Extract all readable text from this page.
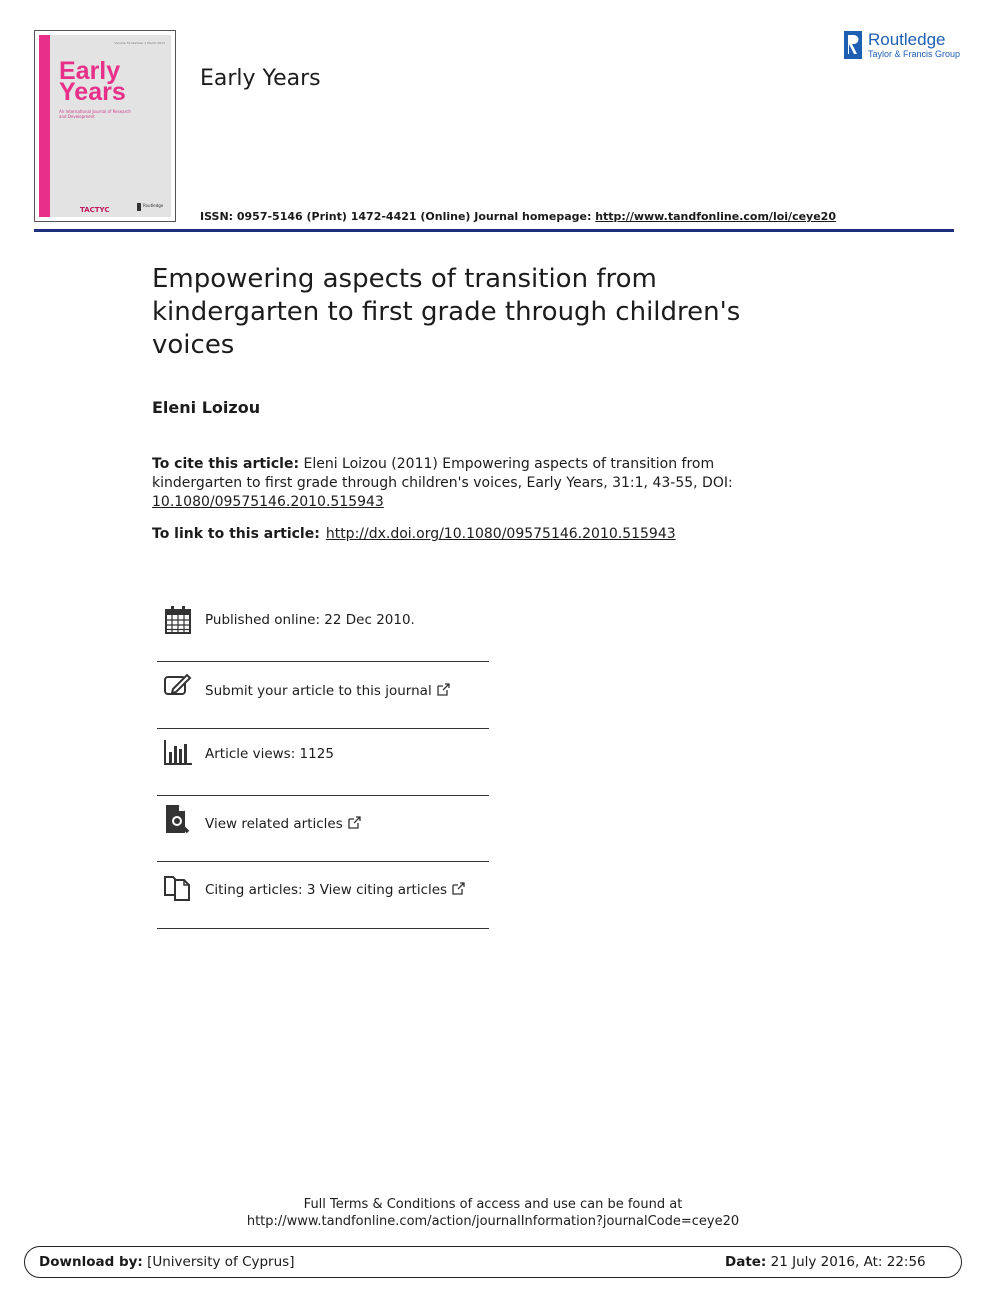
Volume 31 Number 1 March 2011
Early Years
An International Journal of Research and Development
TACTYC
Routledge
Early Years
Routledge
Taylor & Francis Group
ISSN: 0957-5146 (Print) 1472-4421 (Online) Journal homepage: http://www.tandfonline.com/loi/ceye20
Empowering aspects of transition from kindergarten to first grade through children's voices
Eleni Loizou
To cite this article: Eleni Loizou (2011) Empowering aspects of transition from kindergarten to first grade through children's voices, Early Years, 31:1, 43-55, DOI: 10.1080/09575146.2010.515943
To link to this article: http://dx.doi.org/10.1080/09575146.2010.515943
Published online: 22 Dec 2010.
Submit your article to this journal
Article views: 1125
View related articles
Citing articles: 3 View citing articles
Full Terms & Conditions of access and use can be found at
http://www.tandfonline.com/action/journalInformation?journalCode=ceye20
Download by: [University of Cyprus]	Date: 21 July 2016, At: 22:56
